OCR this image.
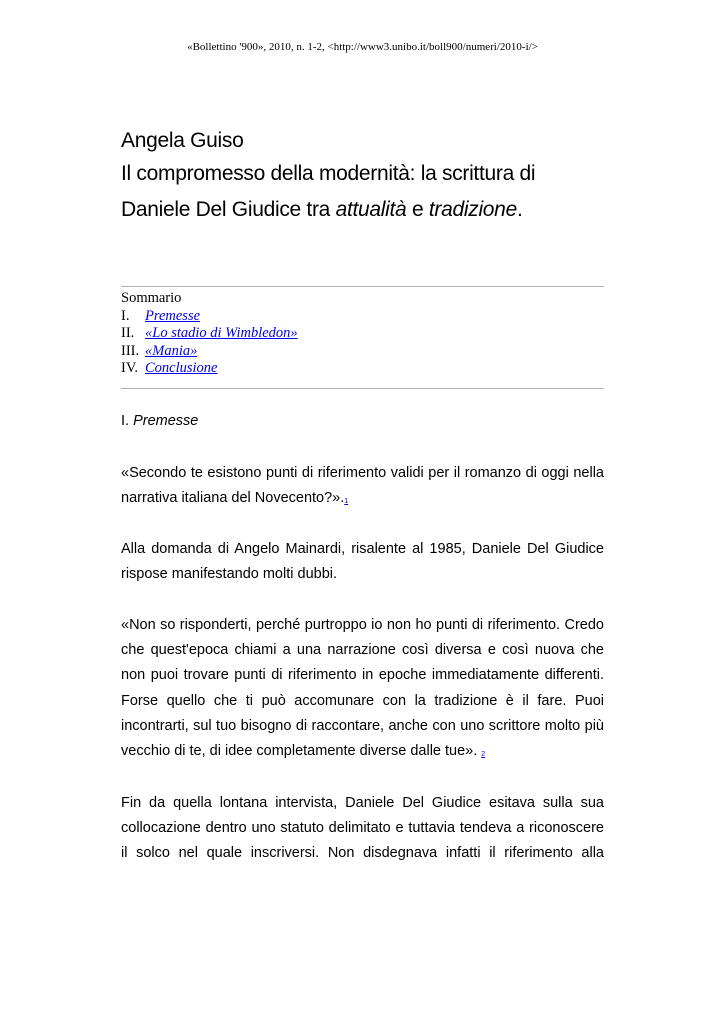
«Bollettino '900», 2010, n. 1-2, <http://www3.unibo.it/boll900/numeri/2010-i/>
Angela Guiso
Il compromesso della modernità: la scrittura di
Daniele Del Giudice tra attualità e tradizione.
Sommario
I.	Premesse
II. «Lo stadio di Wimbledon»
III. «Mania»
IV. Conclusione
I. Premesse
«Secondo te esistono punti di riferimento validi per il romanzo di oggi nella
narrativa italiana del Novecento?».1
Alla domanda di Angelo Mainardi, risalente al 1985, Daniele Del Giudice
rispose manifestando molti dubbi.
«Non so risponderti, perché purtroppo io non ho punti di riferimento. Credo
che quest'epoca chiami a una narrazione così diversa e così nuova che
non puoi trovare punti di riferimento in epoche immediatamente differenti.
Forse quello che ti può accomunare con la tradizione è il fare. Puoi
incontrarti, sul tuo bisogno di raccontare, anche con uno scrittore molto più
vecchio di te, di idee completamente diverse dalle tue». 2
Fin da quella lontana intervista, Daniele Del Giudice esitava sulla sua
collocazione dentro uno statuto delimitato e tuttavia tendeva a riconoscere
il solco nel quale inscriversi. Non disdegnava infatti il riferimento alla
